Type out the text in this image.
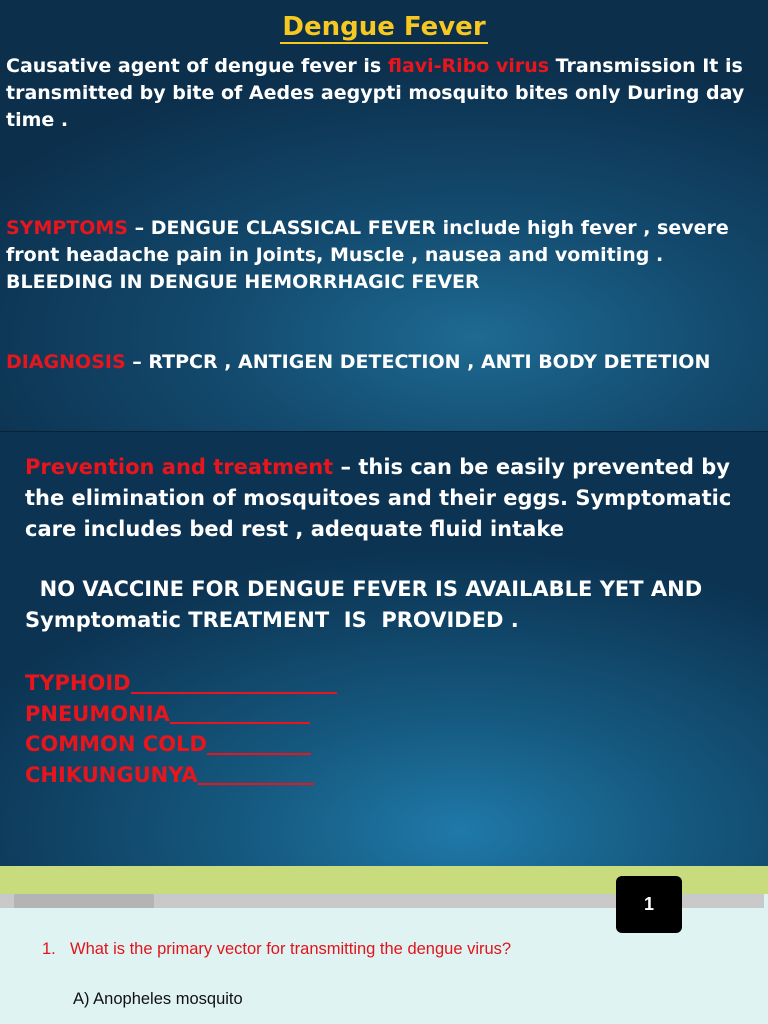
Dengue Fever

Causative agent of dengue fever is flavi-Ribo virus Transmission It is transmitted by bite of Aedes aegypti mosquito bites only During day time .

SYMPTOMS – DENGUE CLASSICAL FEVER include high fever , severe front headache pain in Joints, Muscle , nausea and vomiting . BLEEDING IN DENGUE HEMORRHAGIC FEVER

DIAGNOSIS – RTPCR , ANTIGEN DETECTION , ANTI BODY DETETION

Prevention and treatment – this can be easily prevented by the elimination of mosquitoes and their eggs. Symptomatic care includes bed rest , adequate fluid intake

NO VACCINE FOR DENGUE FEVER IS AVAILABLE YET AND Symptomatic TREATMENT  IS  PROVIDED .

TYPHOID
PNEUMONIA
COMMON COLD
CHIKUNGUNYA
1
1. What is the primary vector for transmitting the dengue virus?
A) Anopheles mosquito
